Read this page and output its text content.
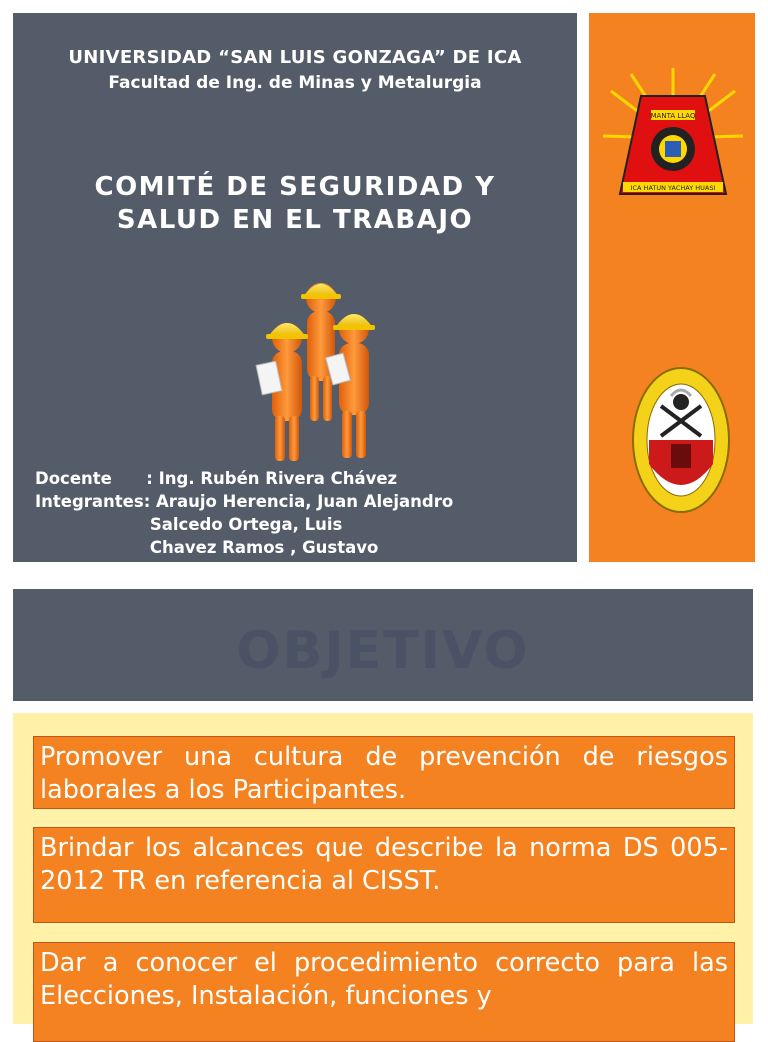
UNIVERSIDAD “SAN LUIS GONZAGA” DE ICA
Facultad de Ing. de Minas y Metalurgia
COMITÉ DE SEGURIDAD Y
SALUD EN EL TRABAJO
Docente      : Ing. Rubén Rivera Chávez
Integrantes: Araujo Herencia, Juan Alejandro
Salcedo Ortega, Luis
Chavez Ramos , Gustavo
MANTA LLAQ
ICA HATUN YACHAY HUASI
OBJETIVO
Promover una cultura de prevención de riesgos laborales a los Participantes.
Brindar los alcances que describe la norma DS 005-2012 TR en referencia al CISST.
Dar a conocer el procedimiento correcto para las Elecciones, Instalación, funciones y
